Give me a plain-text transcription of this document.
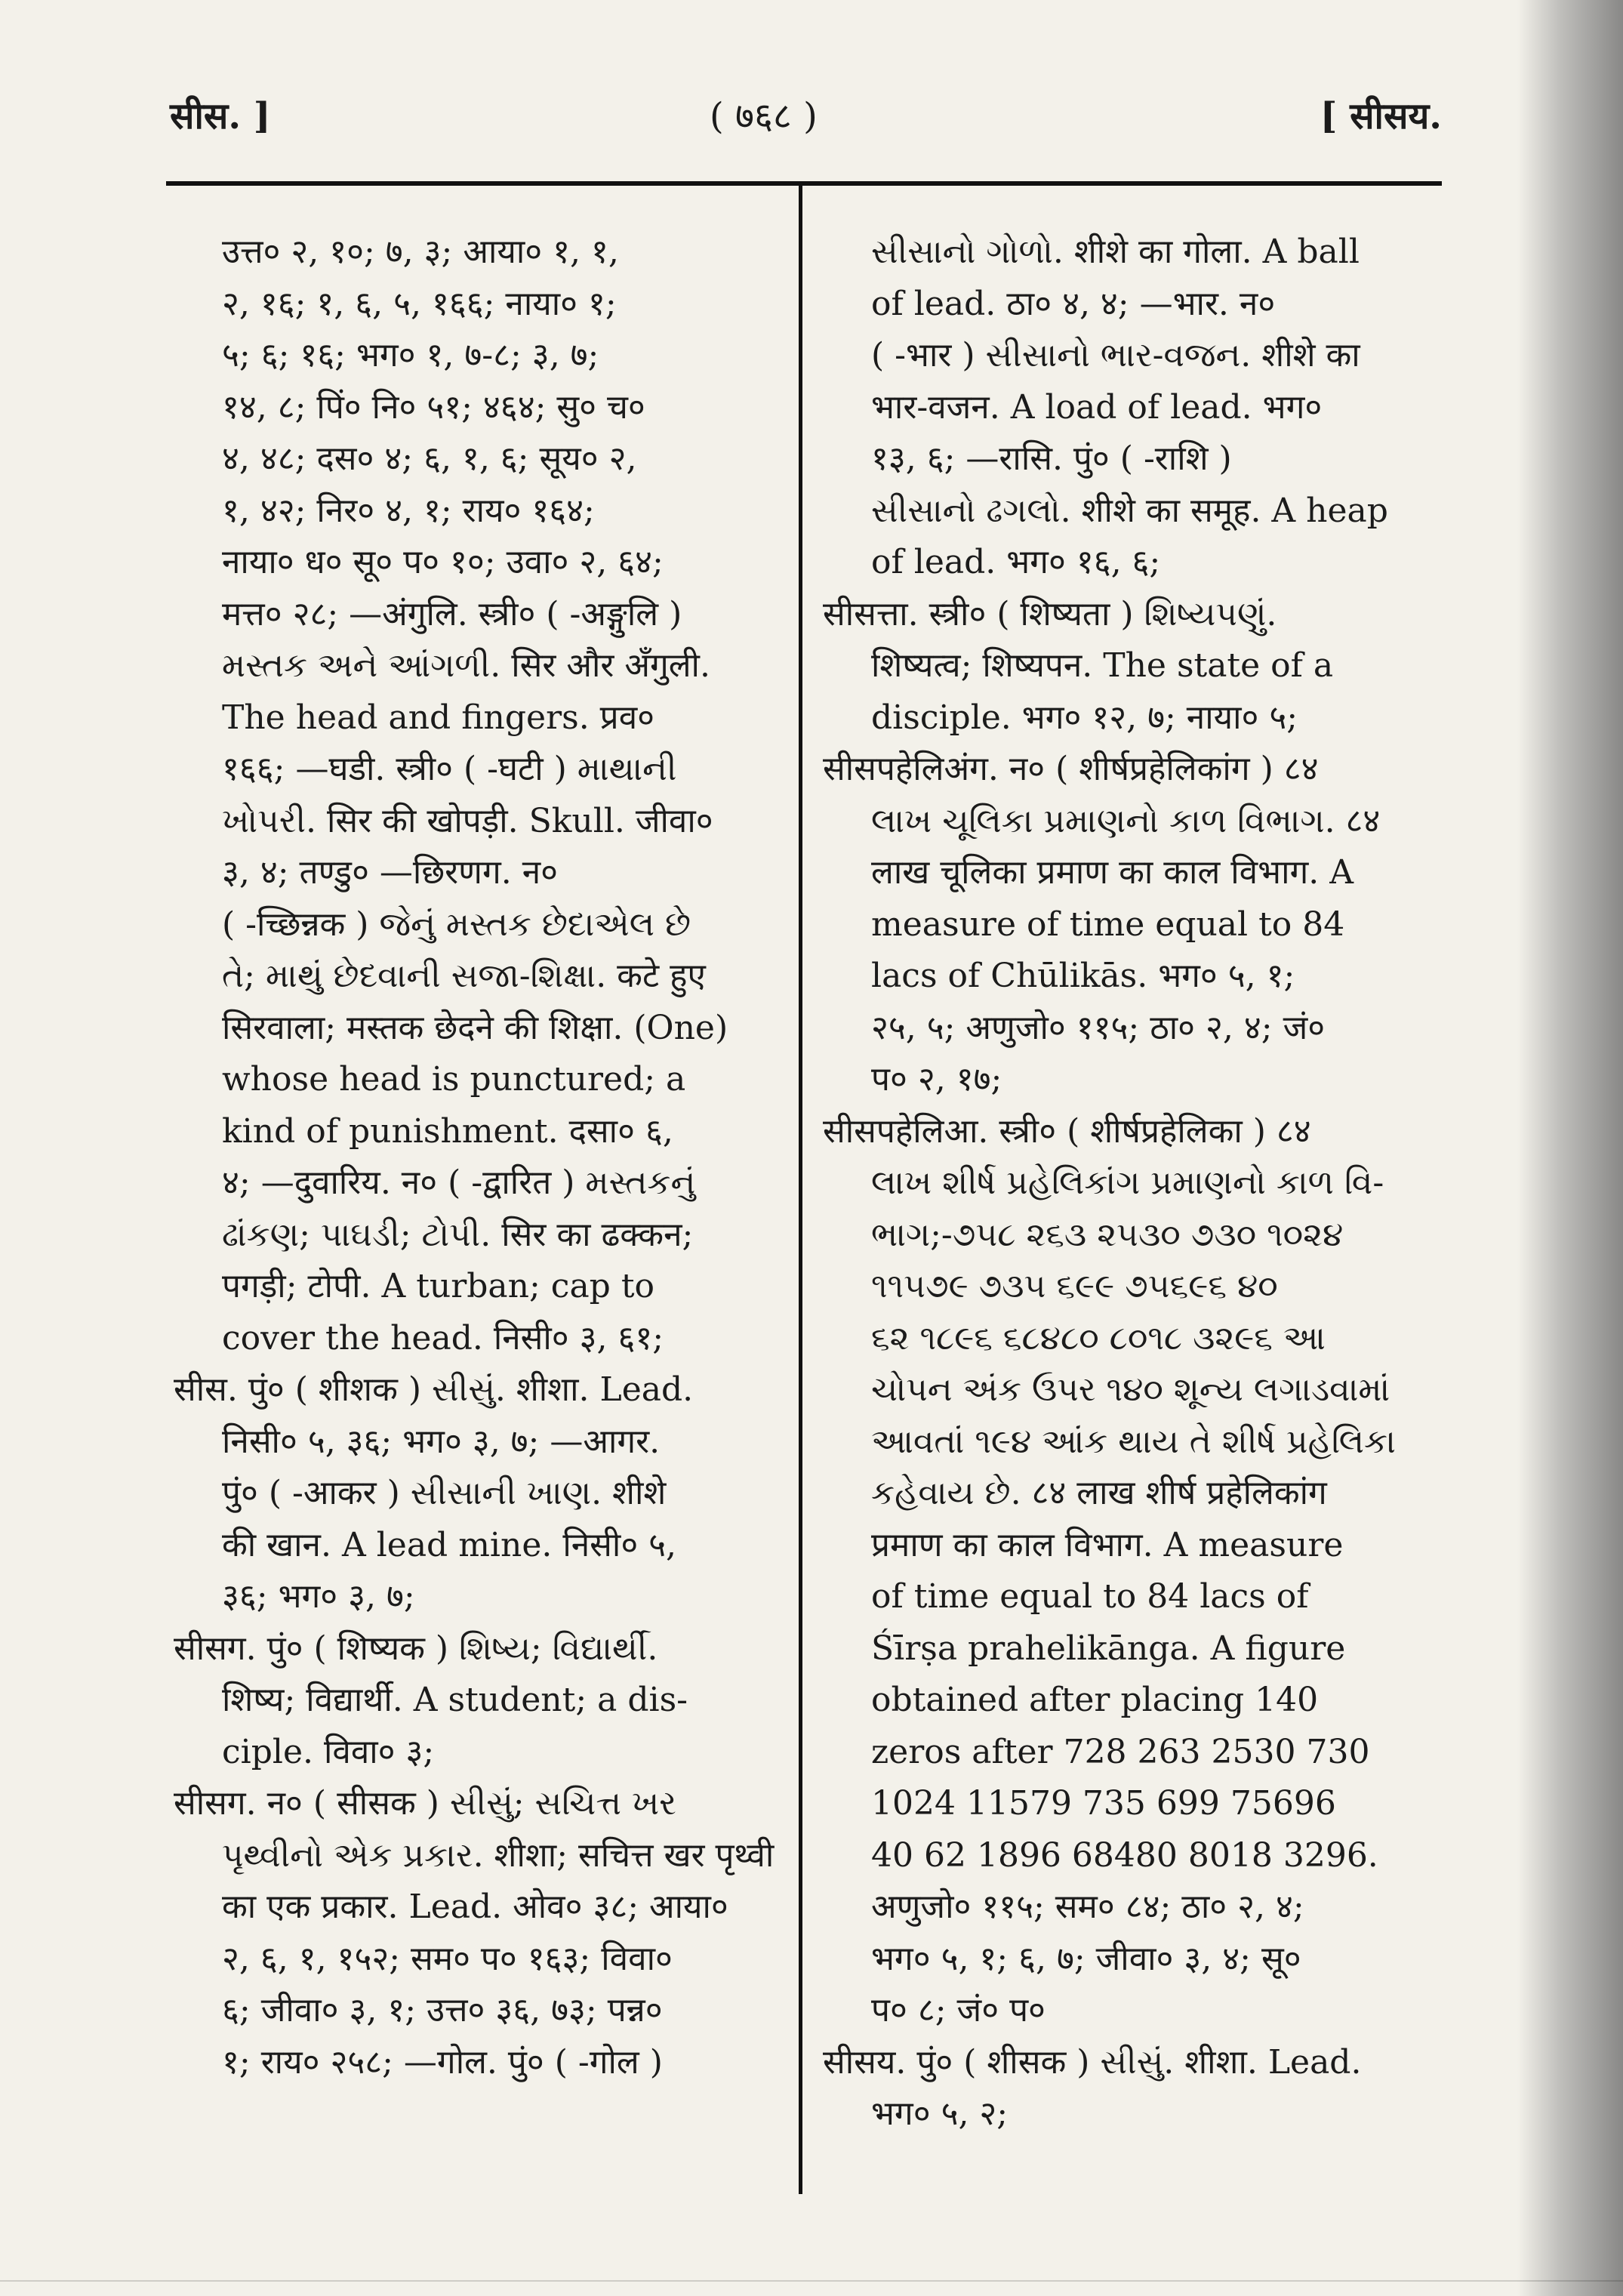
सीस. ]	( ७६८ )	[ सीसय.
उत्त० २, १०; ७, ३; आया० १, १,
२, १६; १, ६, ५, १६६; नाया० १;
५; ६; १६; भग० १, ७-८; ३, ७;
१४, ८; पिं० नि० ५१; ४६४; सु० च०
४, ४८; दस० ४; ६, १, ६; सूय० २,
१, ४२; निर० ४, १; राय० १६४;
नाया० ध० सू० प० १०; उवा० २, ६४;
मत्त० २८; —अंगुलि. स्त्री० ( -अङ्गुलि )
મસ્તક અને આંગળી. सिर और अँगुली.
The head and fingers. प्रव०
१६६; —घडी. स्त्री० ( -घटी ) માથાની
ખોપરી. सिर की खोपड़ी. Skull. जीवा०
३, ४; तण्डु० —छिरणग. न०
( -च्छिन्नक ) જેનું મસ્તક છેદાએલ છે
તે; માથું છેદવાની સજા-શિક્ષા. कटे हुए
सिरवाला; मस्तक छेदने की शिक्षा. (One)
whose head is punctured; a
kind of punishment. दसा० ६,
४; —दुवारिय. न० ( -द्वारित ) મસ્તકનું
ઢાંકણ; પાઘડી; ટોપી. सिर का ढक्कन;
पगड़ी; टोपी. A turban; cap to
cover the head. निसी० ३, ६१;
सीस. पुं० ( शीशक ) સીસું. शीशा. Lead.
निसी० ५, ३६; भग० ३, ७; —आगर.
पुं० ( -आकर ) સીસાની ખાણ. शीशे
की खान. A lead mine. निसी० ५,
३६; भग० ३, ७;
सीसग. पुं० ( शिष्यक ) શિષ્ય; વિદ્યાર્થી.
शिष्य; विद्यार्थी. A student; a dis-
ciple. विवा० ३;
सीसग. न० ( सीसक ) સીસું; સચિત્ત ખર
પૃથ્વીનો એક પ્રકાર. शीशा; सचित्त खर पृथ्वी
का एक प्रकार. Lead. ओव० ३८; आया०
२, ६, १, १५२; सम० प० १६३; विवा०
६; जीवा० ३, १; उत्त० ३६, ७३; पन्न०
१; राय० २५८; —गोल. पुं० ( -गोल )
સીસાનો ગોળો. शीशे का गोला. A ball
of lead. ठा० ४, ४; —भार. न०
( -भार ) સીસાનો ભાર-વજન. शीशे का
भार-वजन. A load of lead. भग०
१३, ६; —रासि. पुं० ( -राशि )
સીસાનો ઢગલો. शीशे का समूह. A heap
of lead. भग० १६, ६;
सीसत्ता. स्त्री० ( शिष्यता ) શિષ્યપણું.
शिष्यत्व; शिष्यपन. The state of a
disciple. भग० १२, ७; नाया० ५;
सीसपहेलिअंग. न० ( शीर्षप्रहेलिकांग ) ८४
લાખ ચૂલિકા પ્રમાણનો કાળ વિભાગ. ८४
लाख चूलिका प्रमाण का काल विभाग. A
measure of time equal to 84
lacs of Chūlikās. भग० ५, १;
२५, ५; अणुजो० ११५; ठा० २, ४; जं०
प० २, १७;
सीसपहेलिआ. स्त्री० ( शीर्षप्रहेलिका ) ८४
લાખ શીર્ષ પ્રહેલિકાંગ પ્રમાણનો કાળ વિ-
ભાગ;-૭૫૮ ૨૬૩ ૨૫૩૦ ૭૩૦ ૧૦૨૪
૧૧૫૭૯ ૭૩૫ ૬૯૯ ૭૫૬૯૬ ૪૦
૬૨ ૧૮૯૬ ૬૮૪૮૦ ૮૦૧૮ ૩૨૯૬ આ
ચોપન અંક ઉપર ૧૪૦ શૂન્ય લગાડવામાં
આવતાં ૧૯૪ આંક થાય તે શીર્ષ પ્રહેલિકા
કહેવાય છે. ८४ लाख शीर्ष प्रहेलिकांग
प्रमाण का काल विभाग. A measure
of time equal to 84 lacs of
Śīrṣa prahelikānga. A figure
obtained after placing 140
zeros after 728 263 2530 730
1024 11579 735 699 75696
40 62 1896 68480 8018 3296.
अणुजो० ११५; सम० ८४; ठा० २, ४;
भग० ५, १; ६, ७; जीवा० ३, ४; सू०
प० ८; जं० प०
सीसय. पुं० ( शीसक ) સીસું. शीशा. Lead.
भग० ५, २;
